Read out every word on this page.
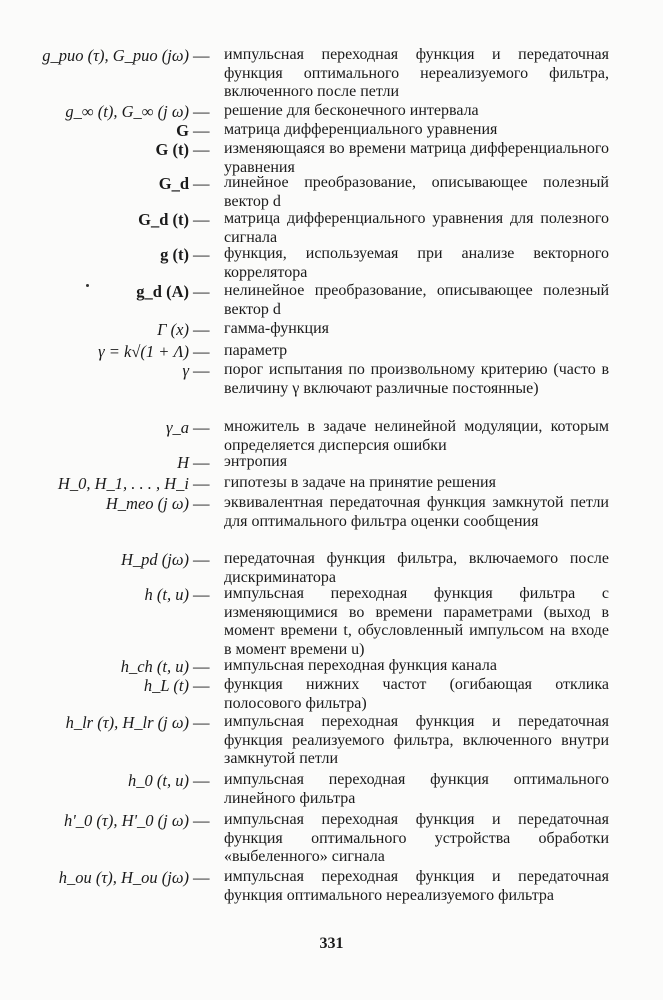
g_puo (τ), G_puo (jω) — импульсная переходная функция и передаточная функция оптимального нереализуемого фильтра, включенного после петли
g_∞ (t), G_∞ (j ω) — решение для бесконечного интервала
G — матрица дифференциального уравнения
G (t) — изменяющаяся во времени матрица дифференциального уравнения
G_d — линейное преобразование, описывающее полезный вектор d
G_d (t) — матрица дифференциального уравнения для полезного сигнала
g (t) — функция, используемая при анализе векторного коррелятора
g_d (A) — нелинейное преобразование, описывающее полезный вектор d
Γ (x) — гамма-функция
γ = k√(1 + Λ) — параметр
γ — порог испытания по произвольному критерию (часто в величину γ включают различные постоянные)
γ_a — множитель в задаче нелинейной модуляции, которым определяется дисперсия ошибки
H — энтропия
H_0, H_1, . . . , H_i — гипотезы в задаче на принятие решения
H_meo (j ω) — эквивалентная передаточная функция замкнутой петли для оптимального фильтра оценки сообщения
H_pd (jω) — передаточная функция фильтра, включаемого после дискриминатора
h (t, u) — импульсная переходная функция фильтра с изменяющимися во времени параметрами (выход в момент времени t, обусловленный импульсом на входе в момент времени u)
h_ch (t, u) — импульсная переходная функция канала
h_L (t) — функция нижних частот (огибающая отклика полосового фильтра)
h_lr (τ), H_lr (j ω) — импульсная переходная функция и передаточная функция реализуемого фильтра, включенного внутри замкнутой петли
h_0 (t, u) — импульсная переходная функция оптимального линейного фильтра
h'_0 (τ), H'_0 (j ω) — импульсная переходная функция и передаточная функция оптимального устройства обработки «выбеленного» сигнала
h_ou (τ), H_ou (jω) — импульсная переходная функция и передаточная функция оптимального нереализуемого фильтра
331
